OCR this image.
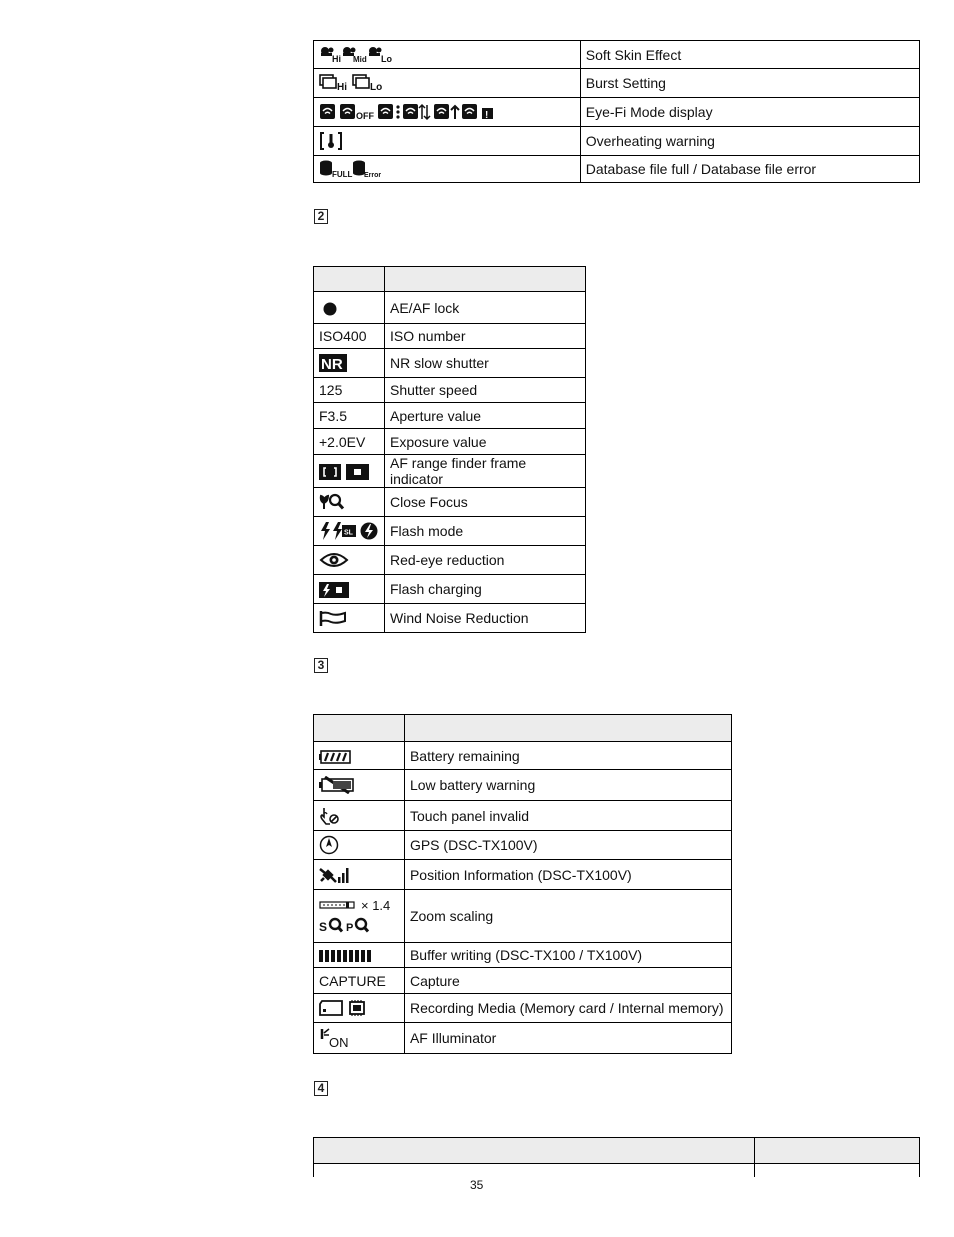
Hi Mid Lo	Soft Skin Effect

Hi Lo	Burst Setting

OFF !	Eye-Fi Mode display

	Overheating warning

FULL Error	Database file full / Database file error
2

	AE/AF lock
ISO400	ISO number

NR	NR slow shutter
125	Shutter speed
F3.5	Aperture value
+2.0EV	Exposure value

	AF range finder frame indicator

	Close Focus

SL	Flash mode

	Red-eye reduction

	Flash charging

	Wind Noise Reduction
3

	Battery remaining

	Low battery warning

	Touch panel invalid

	GPS (DSC-TX100V)

	Position Information (DSC-TX100V)

× 1.4
S P	Zoom scaling

	Buffer writing (DSC-TX100 / TX100V)
CAPTURE	Capture

	Recording Media (Memory card / Internal memory)

ON	AF Illuminator
4

35
